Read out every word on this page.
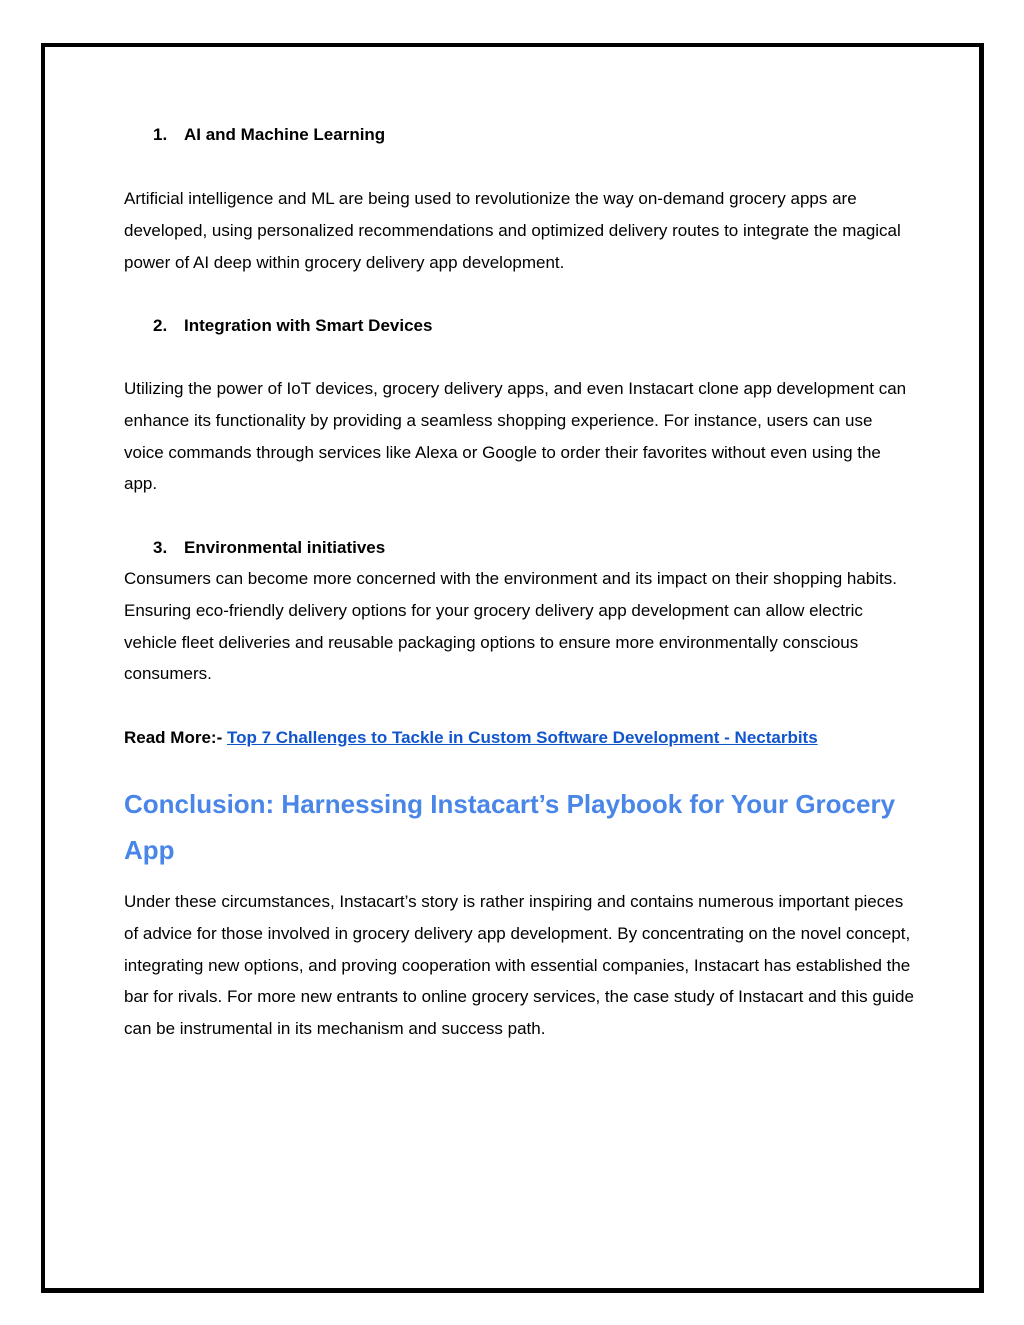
1. AI and Machine Learning

Artificial intelligence and ML are being used to revolutionize the way on-demand grocery apps are developed, using personalized recommendations and optimized delivery routes to integrate the magical power of AI deep within grocery delivery app development.

2. Integration with Smart Devices

Utilizing the power of IoT devices, grocery delivery apps, and even Instacart clone app development can enhance its functionality by providing a seamless shopping experience. For instance, users can use voice commands through services like Alexa or Google to order their favorites without even using the app.

3. Environmental initiatives

Consumers can become more concerned with the environment and its impact on their shopping habits. Ensuring eco-friendly delivery options for your grocery delivery app development can allow electric vehicle fleet deliveries and reusable packaging options to ensure more environmentally conscious consumers.

Read More:- Top 7 Challenges to Tackle in Custom Software Development - Nectarbits
Conclusion: Harnessing Instacart’s Playbook for Your Grocery App

Under these circumstances, Instacart’s story is rather inspiring and contains numerous important pieces of advice for those involved in grocery delivery app development. By concentrating on the novel concept, integrating new options, and proving cooperation with essential companies, Instacart has established the bar for rivals. For more new entrants to online grocery services, the case study of Instacart and this guide can be instrumental in its mechanism and success path.
